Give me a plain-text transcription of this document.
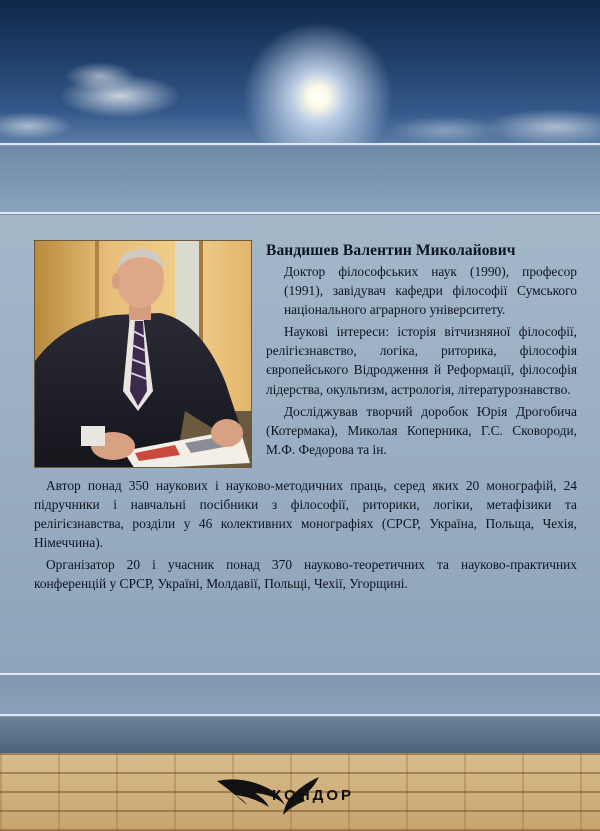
Вандишев Валентин Миколайович

Доктор філософських наук (1990), професор (1991), завідувач кафедри філософії Сумського національного аграрного університету.

Наукові інтереси: історія вітчизняної філософії, релігієзнавство, логіка, риторика, філософія європейського Відродження й Реформації, філософія лідерства, окультизм, астрологія, літературознавство.

Досліджував творчий доробок Юрія Дрогобича (Котермака), Миколая Коперника, Г.С. Сковороди, М.Ф. Федорова та ін.

Автор понад 350 наукових і науково-методичних праць, серед яких 20 монографій, 24 підручники і навчальні посібники з філософії, риторики, логіки, метафізики та релігієзнавства, розділи у 46 колективних монографіях (СРСР, Україна, Польща, Чехія, Німеччина).

Організатор 20 і учасник понад 370 науково-теоретичних та науково-практичних конференцій у СРСР, Україні, Молдавії, Польщі, Чехії, Угорщині.

КОНДОР
